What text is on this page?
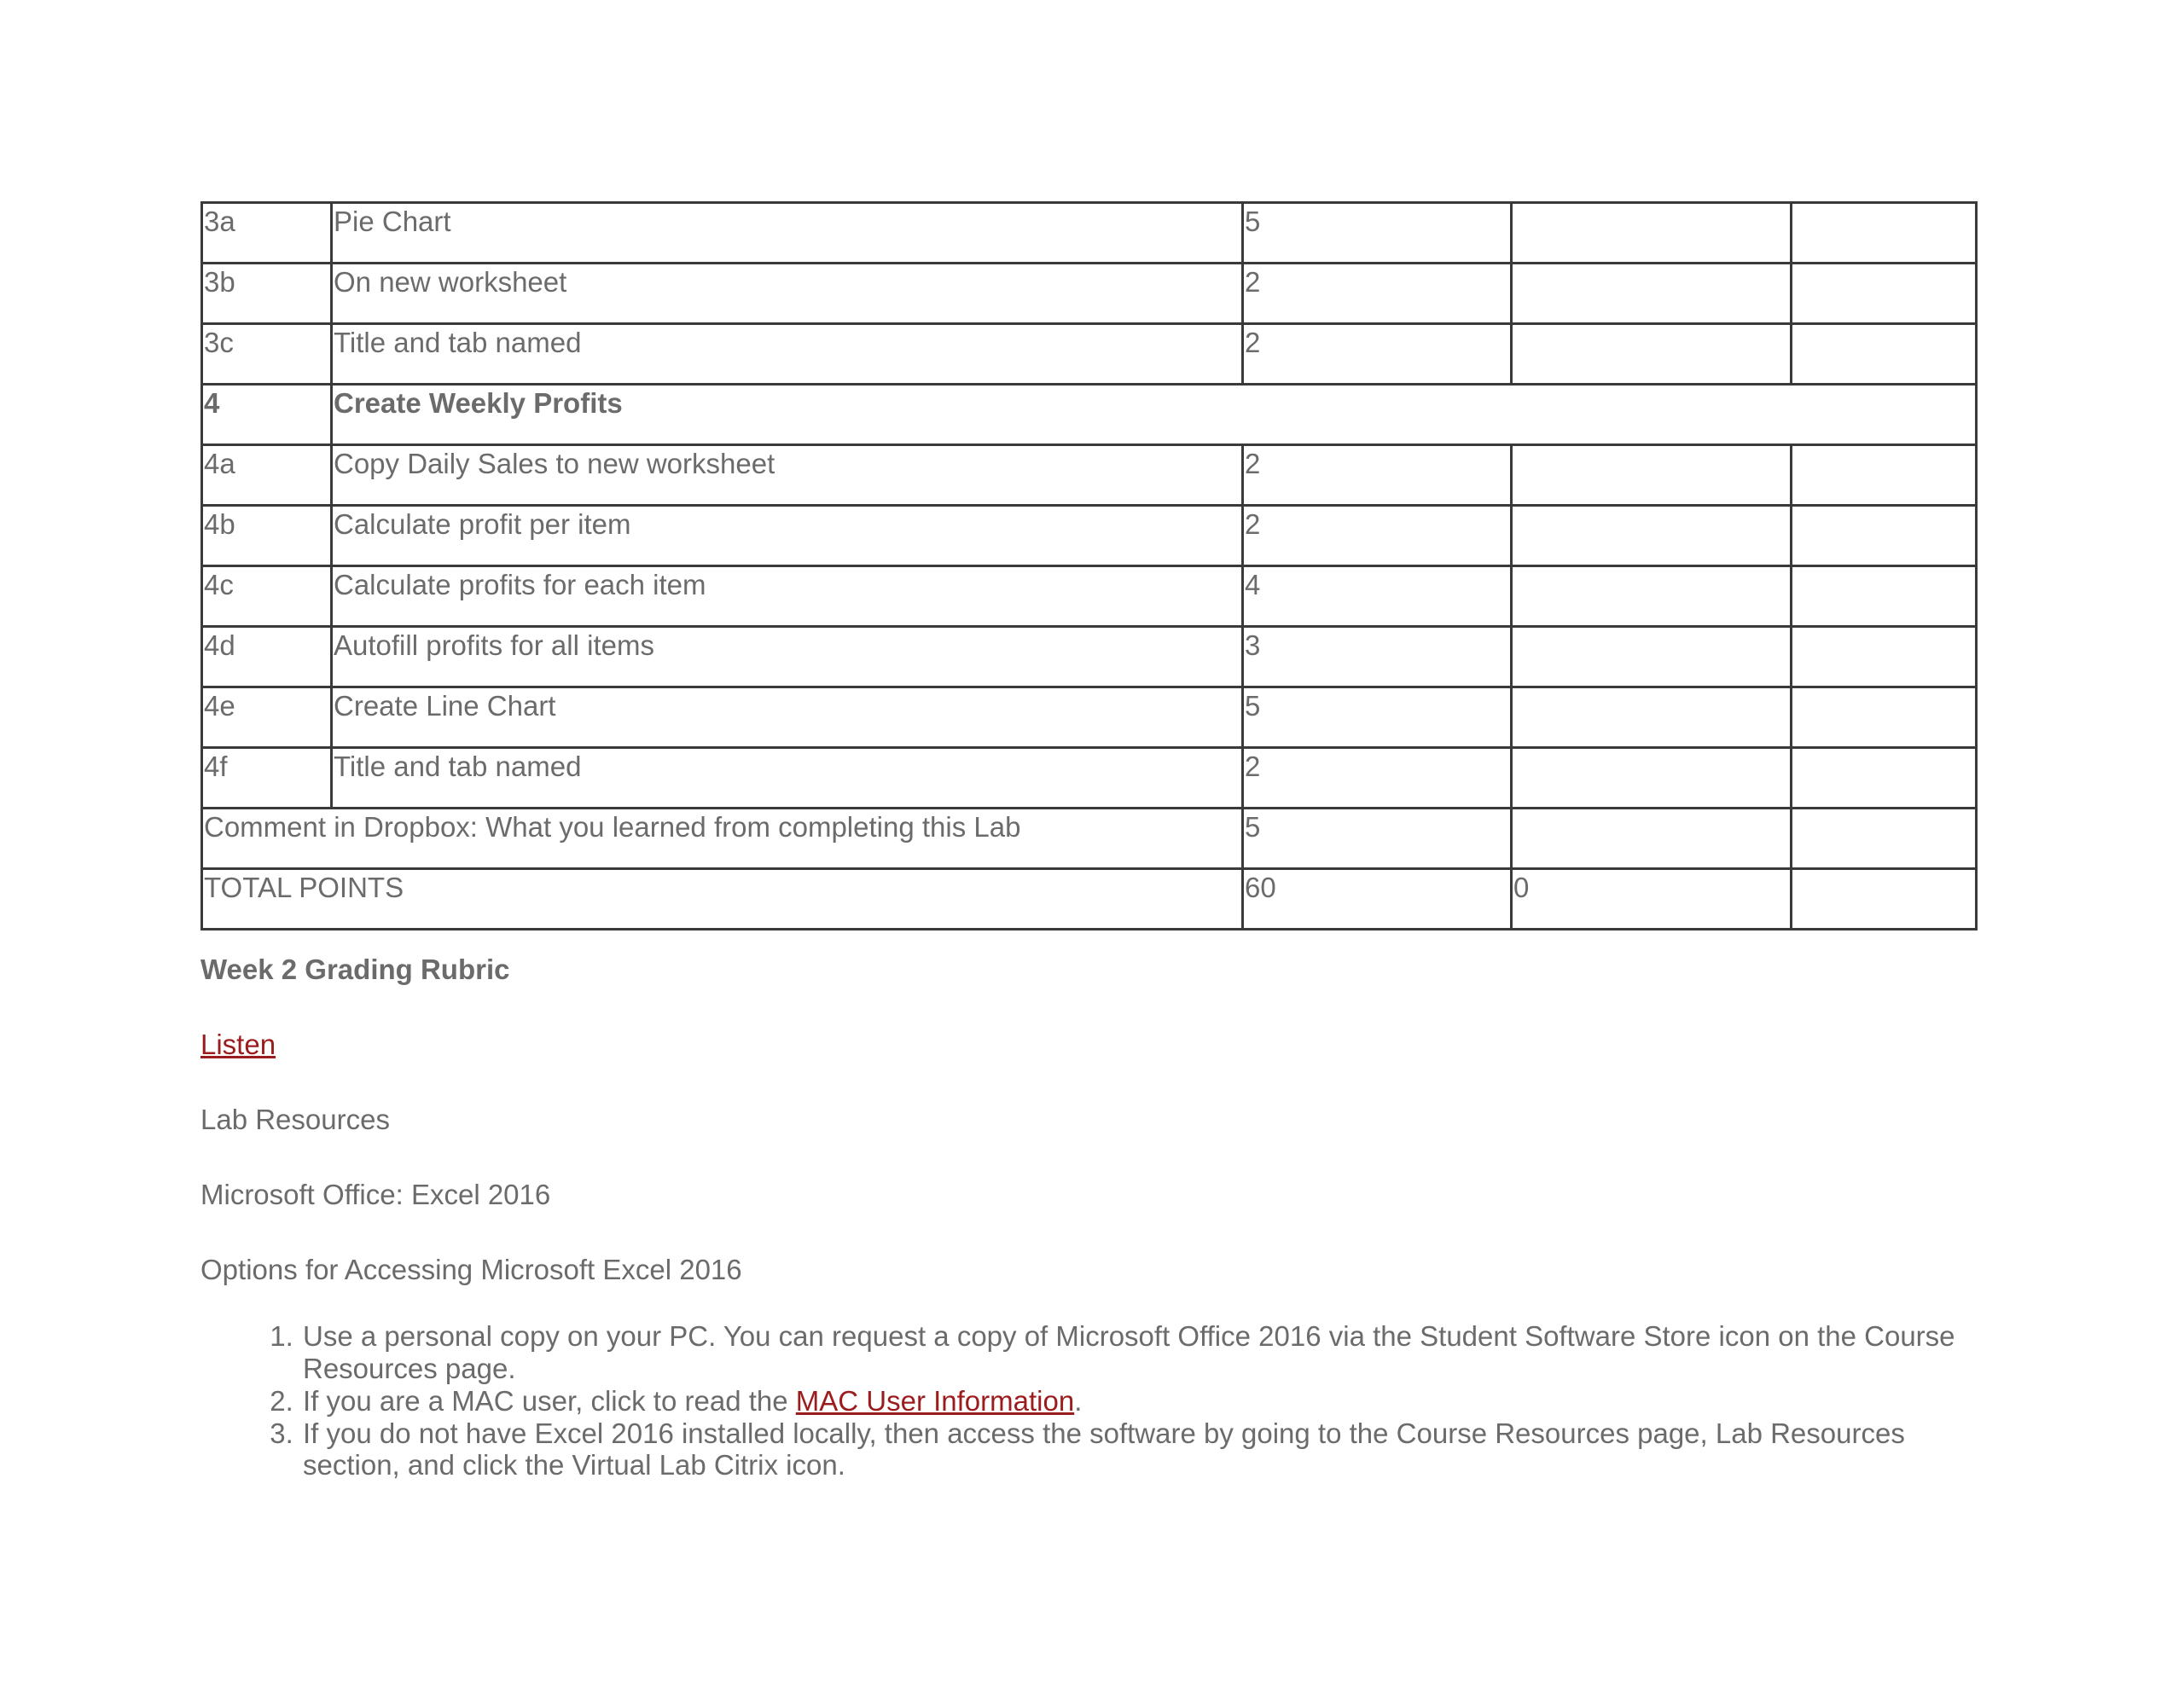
3a	Pie Chart	5		
3b	On new worksheet	2		
3c	Title and tab named	2		
4	Create Weekly Profits			
4a	Copy Daily Sales to new worksheet	2		
4b	Calculate profit per item	2		
4c	Calculate profits for each item	4		
4d	Autofill profits for all items	3		
4e	Create Line Chart	5		
4f	Title and tab named	2		
Comment in Dropbox: What you learned from completing this Lab		5		
TOTAL POINTS		60	0	

Week 2 Grading Rubric

Listen

Lab Resources

Microsoft Office: Excel 2016

Options for Accessing Microsoft Excel 2016

1. Use a personal copy on your PC. You can request a copy of Microsoft Office 2016 via the Student Software Store icon on the Course Resources page.
2. If you are a MAC user, click to read the MAC User Information.
3. If you do not have Excel 2016 installed locally, then access the software by going to the Course Resources page, Lab Resources section, and click the Virtual Lab Citrix icon.
